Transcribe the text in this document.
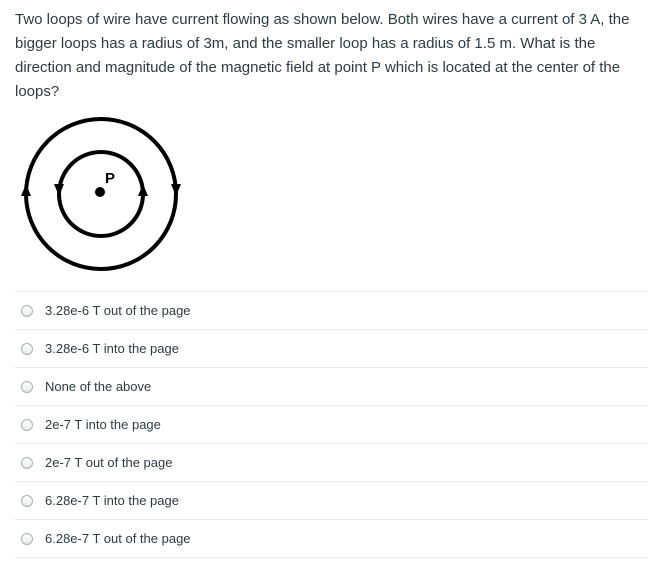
Two loops of wire have current flowing as shown below. Both wires have a current of 3 A, the bigger loops has a radius of 3m, and the smaller loop has a radius of 1.5 m. What is the direction and magnitude of the magnetic field at point P which is located at the center of the loops?

P
3.28e-6 T out of the page
3.28e-6 T into the page
None of the above
2e-7 T into the page
2e-7 T out of the page
6.28e-7 T into the page
6.28e-7 T out of the page
